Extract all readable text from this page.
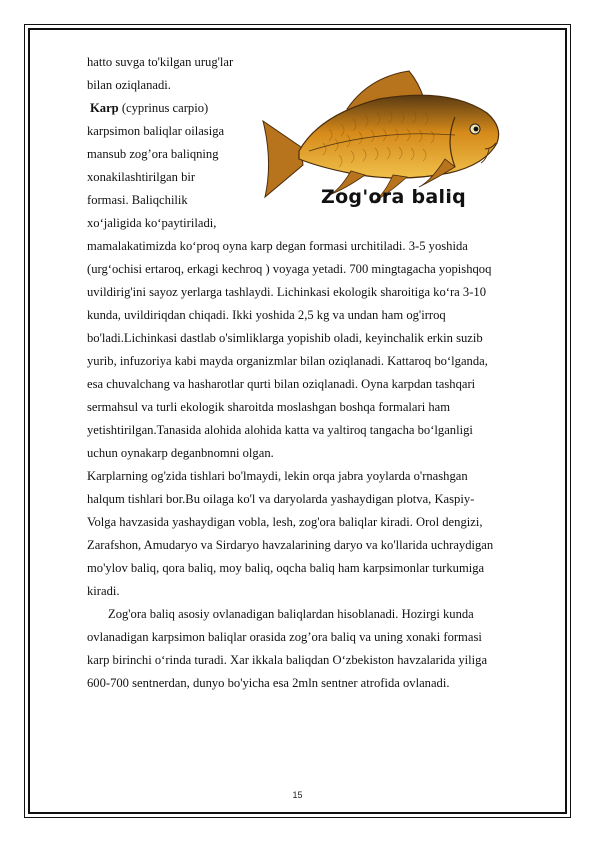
hatto suvga to'kilgan urug'lar
bilan oziqlanadi.
Karp (cyprinus carpio)
karpsimon baliqlar oilasiga
mansub zog’ora baliqning
xonakilashtirilgan bir
formasi. Baliqchilik
xo‘jaligida ko‘paytiriladi,
Zog'ora baliq
mamalakatimizda ko‘proq oyna karp degan formasi urchitiladi. 3-5 yoshida
(urg‘ochisi ertaroq, erkagi kechroq ) voyaga yetadi. 700 mingtagacha yopishqoq
uvildirig'ini sayoz yerlarga tashlaydi. Lichinkasi ekologik sharoitiga ko‘ra 3-10
kunda, uvildiriqdan chiqadi. Ikki yoshida 2,5 kg va undan ham og'irroq
bo'ladi.Lichinkasi dastlab o'simliklarga yopishib oladi, keyinchalik erkin suzib
yurib, infuzoriya kabi mayda organizmlar bilan oziqlanadi. Kattaroq bo‘lganda,
esa chuvalchang va hasharotlar qurti bilan oziqlanadi. Oyna karpdan tashqari
sermahsul va turli ekologik sharoitda moslashgan boshqa formalari ham
yetishtirilgan.Tanasida alohida alohida katta va yaltiroq tangacha bo‘lganligi
uchun oynakarp deganbnomni olgan.
Karplarning og'zida tishlari bo'lmaydi, lekin orqa jabra yoylarda o'rnashgan
halqum tishlari bor.Bu oilaga ko'l va daryolarda yashaydigan plotva, Kaspiy-
Volga havzasida yashaydigan vobla, lesh, zog'ora baliqlar kiradi. Orol dengizi,
Zarafshon, Amudaryo va Sirdaryo havzalarining daryo va ko'llarida uchraydigan
mo'ylov baliq, qora baliq, moy baliq, oqcha baliq ham karpsimonlar turkumiga
kiradi.
Zog'ora baliq asosiy ovlanadigan baliqlardan hisoblanadi. Hozirgi kunda
ovlanadigan karpsimon baliqlar orasida zog’ora baliq va uning xonaki formasi
karp birinchi o‘rinda turadi. Xar ikkala baliqdan O‘zbekiston havzalarida yiliga
600-700 sentnerdan, dunyo bo'yicha esa 2mln sentner atrofida ovlanadi.
15
